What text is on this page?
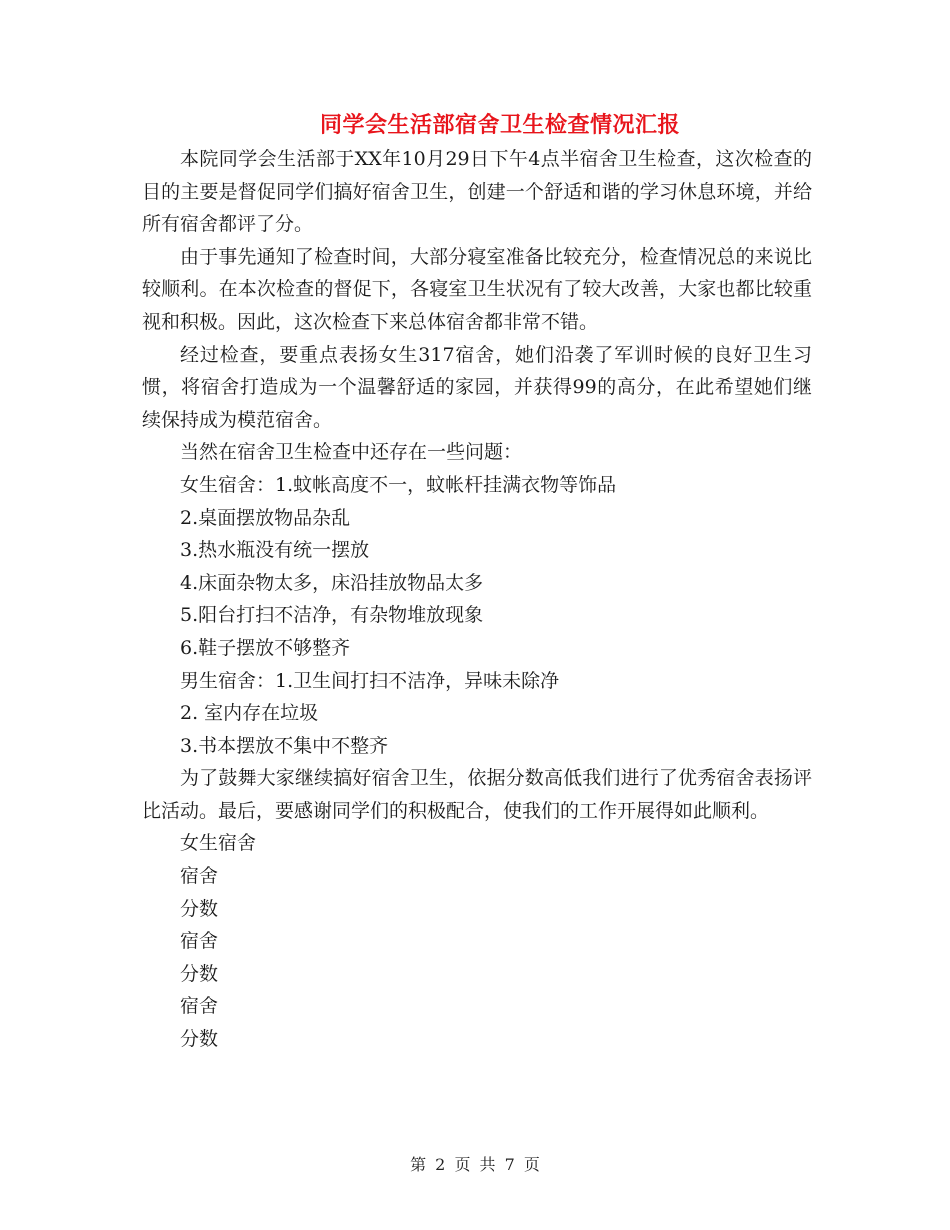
同学会生活部宿舍卫生检查情况汇报

本院同学会生活部于XX年10月29日下午4点半宿舍卫生检查，这次检查的目的主要是督促同学们搞好宿舍卫生，创建一个舒适和谐的学习休息环境，并给所有宿舍都评了分。

由于事先通知了检查时间，大部分寝室准备比较充分，检查情况总的来说比较顺利。在本次检查的督促下，各寝室卫生状况有了较大改善，大家也都比较重视和积极。因此，这次检查下来总体宿舍都非常不错。

经过检查，要重点表扬女生317宿舍，她们沿袭了军训时候的良好卫生习惯，将宿舍打造成为一个温馨舒适的家园，并获得99的高分，在此希望她们继续保持成为模范宿舍。

当然在宿舍卫生检查中还存在一些问题：

女生宿舍：1.蚊帐高度不一，蚊帐杆挂满衣物等饰品

2.桌面摆放物品杂乱

3.热水瓶没有统一摆放

4.床面杂物太多，床沿挂放物品太多

5.阳台打扫不洁净，有杂物堆放现象

6.鞋子摆放不够整齐

男生宿舍：1.卫生间打扫不洁净，异味未除净

2. 室内存在垃圾

3.书本摆放不集中不整齐

为了鼓舞大家继续搞好宿舍卫生，依据分数高低我们进行了优秀宿舍表扬评比活动。最后，要感谢同学们的积极配合，使我们的工作开展得如此顺利。

女生宿舍

宿舍

分数

宿舍

分数

宿舍

分数

第 2 页 共 7 页
